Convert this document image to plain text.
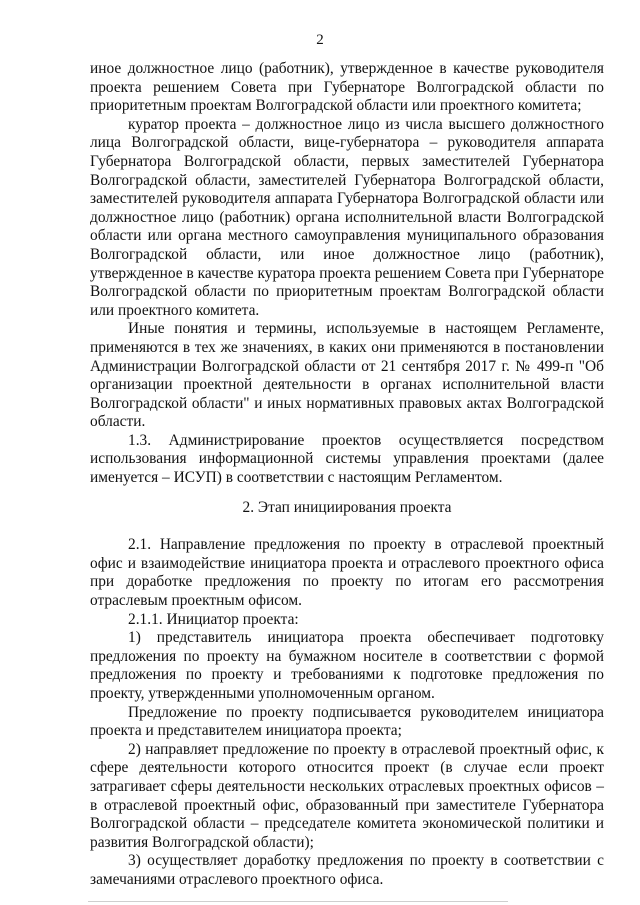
2

иное должностное лицо (работник), утвержденное в качестве руководителя проекта решением Совета при Губернаторе Волгоградской области по приоритетным проектам Волгоградской области или проектного комитета;

куратор проекта – должностное лицо из числа высшего должностного лица Волгоградской области, вице-губернатора – руководителя аппарата Губернатора Волгоградской области, первых заместителей Губернатора Волгоградской области, заместителей Губернатора Волгоградской области, заместителей руководителя аппарата Губернатора Волгоградской области или должностное лицо (работник) органа исполнительной власти Волгоградской области или органа местного самоуправления муниципального образования Волгоградской области, или иное должностное лицо (работник), утвержденное в качестве куратора проекта решением Совета при Губернаторе Волгоградской области по приоритетным проектам Волгоградской области или проектного комитета.

Иные понятия и термины, используемые в настоящем Регламенте, применяются в тех же значениях, в каких они применяются в постановлении Администрации Волгоградской области от 21 сентября 2017 г. № 499-п "Об организации проектной деятельности в органах исполнительной власти Волгоградской области" и иных нормативных правовых актах Волгоградской области.

1.3. Администрирование проектов осуществляется посредством использования информационной системы управления проектами (далее именуется – ИСУП) в соответствии с настоящим Регламентом.

2. Этап инициирования проекта

2.1. Направление предложения по проекту в отраслевой проектный офис и взаимодействие инициатора проекта и отраслевого проектного офиса при доработке предложения по проекту по итогам его рассмотрения отраслевым проектным офисом.

2.1.1. Инициатор проекта:

1) представитель инициатора проекта обеспечивает подготовку предложения по проекту на бумажном носителе в соответствии с формой предложения по проекту и требованиями к подготовке предложения по проекту, утвержденными уполномоченным органом.

Предложение по проекту подписывается руководителем инициатора проекта и представителем инициатора проекта;

2) направляет предложение по проекту в отраслевой проектный офис, к сфере деятельности которого относится проект (в случае если проект затрагивает сферы деятельности нескольких отраслевых проектных офисов – в отраслевой проектный офис, образованный при заместителе Губернатора Волгоградской области – председателе комитета экономической политики и развития Волгоградской области);

3) осуществляет доработку предложения по проекту в соответствии с замечаниями отраслевого проектного офиса.
